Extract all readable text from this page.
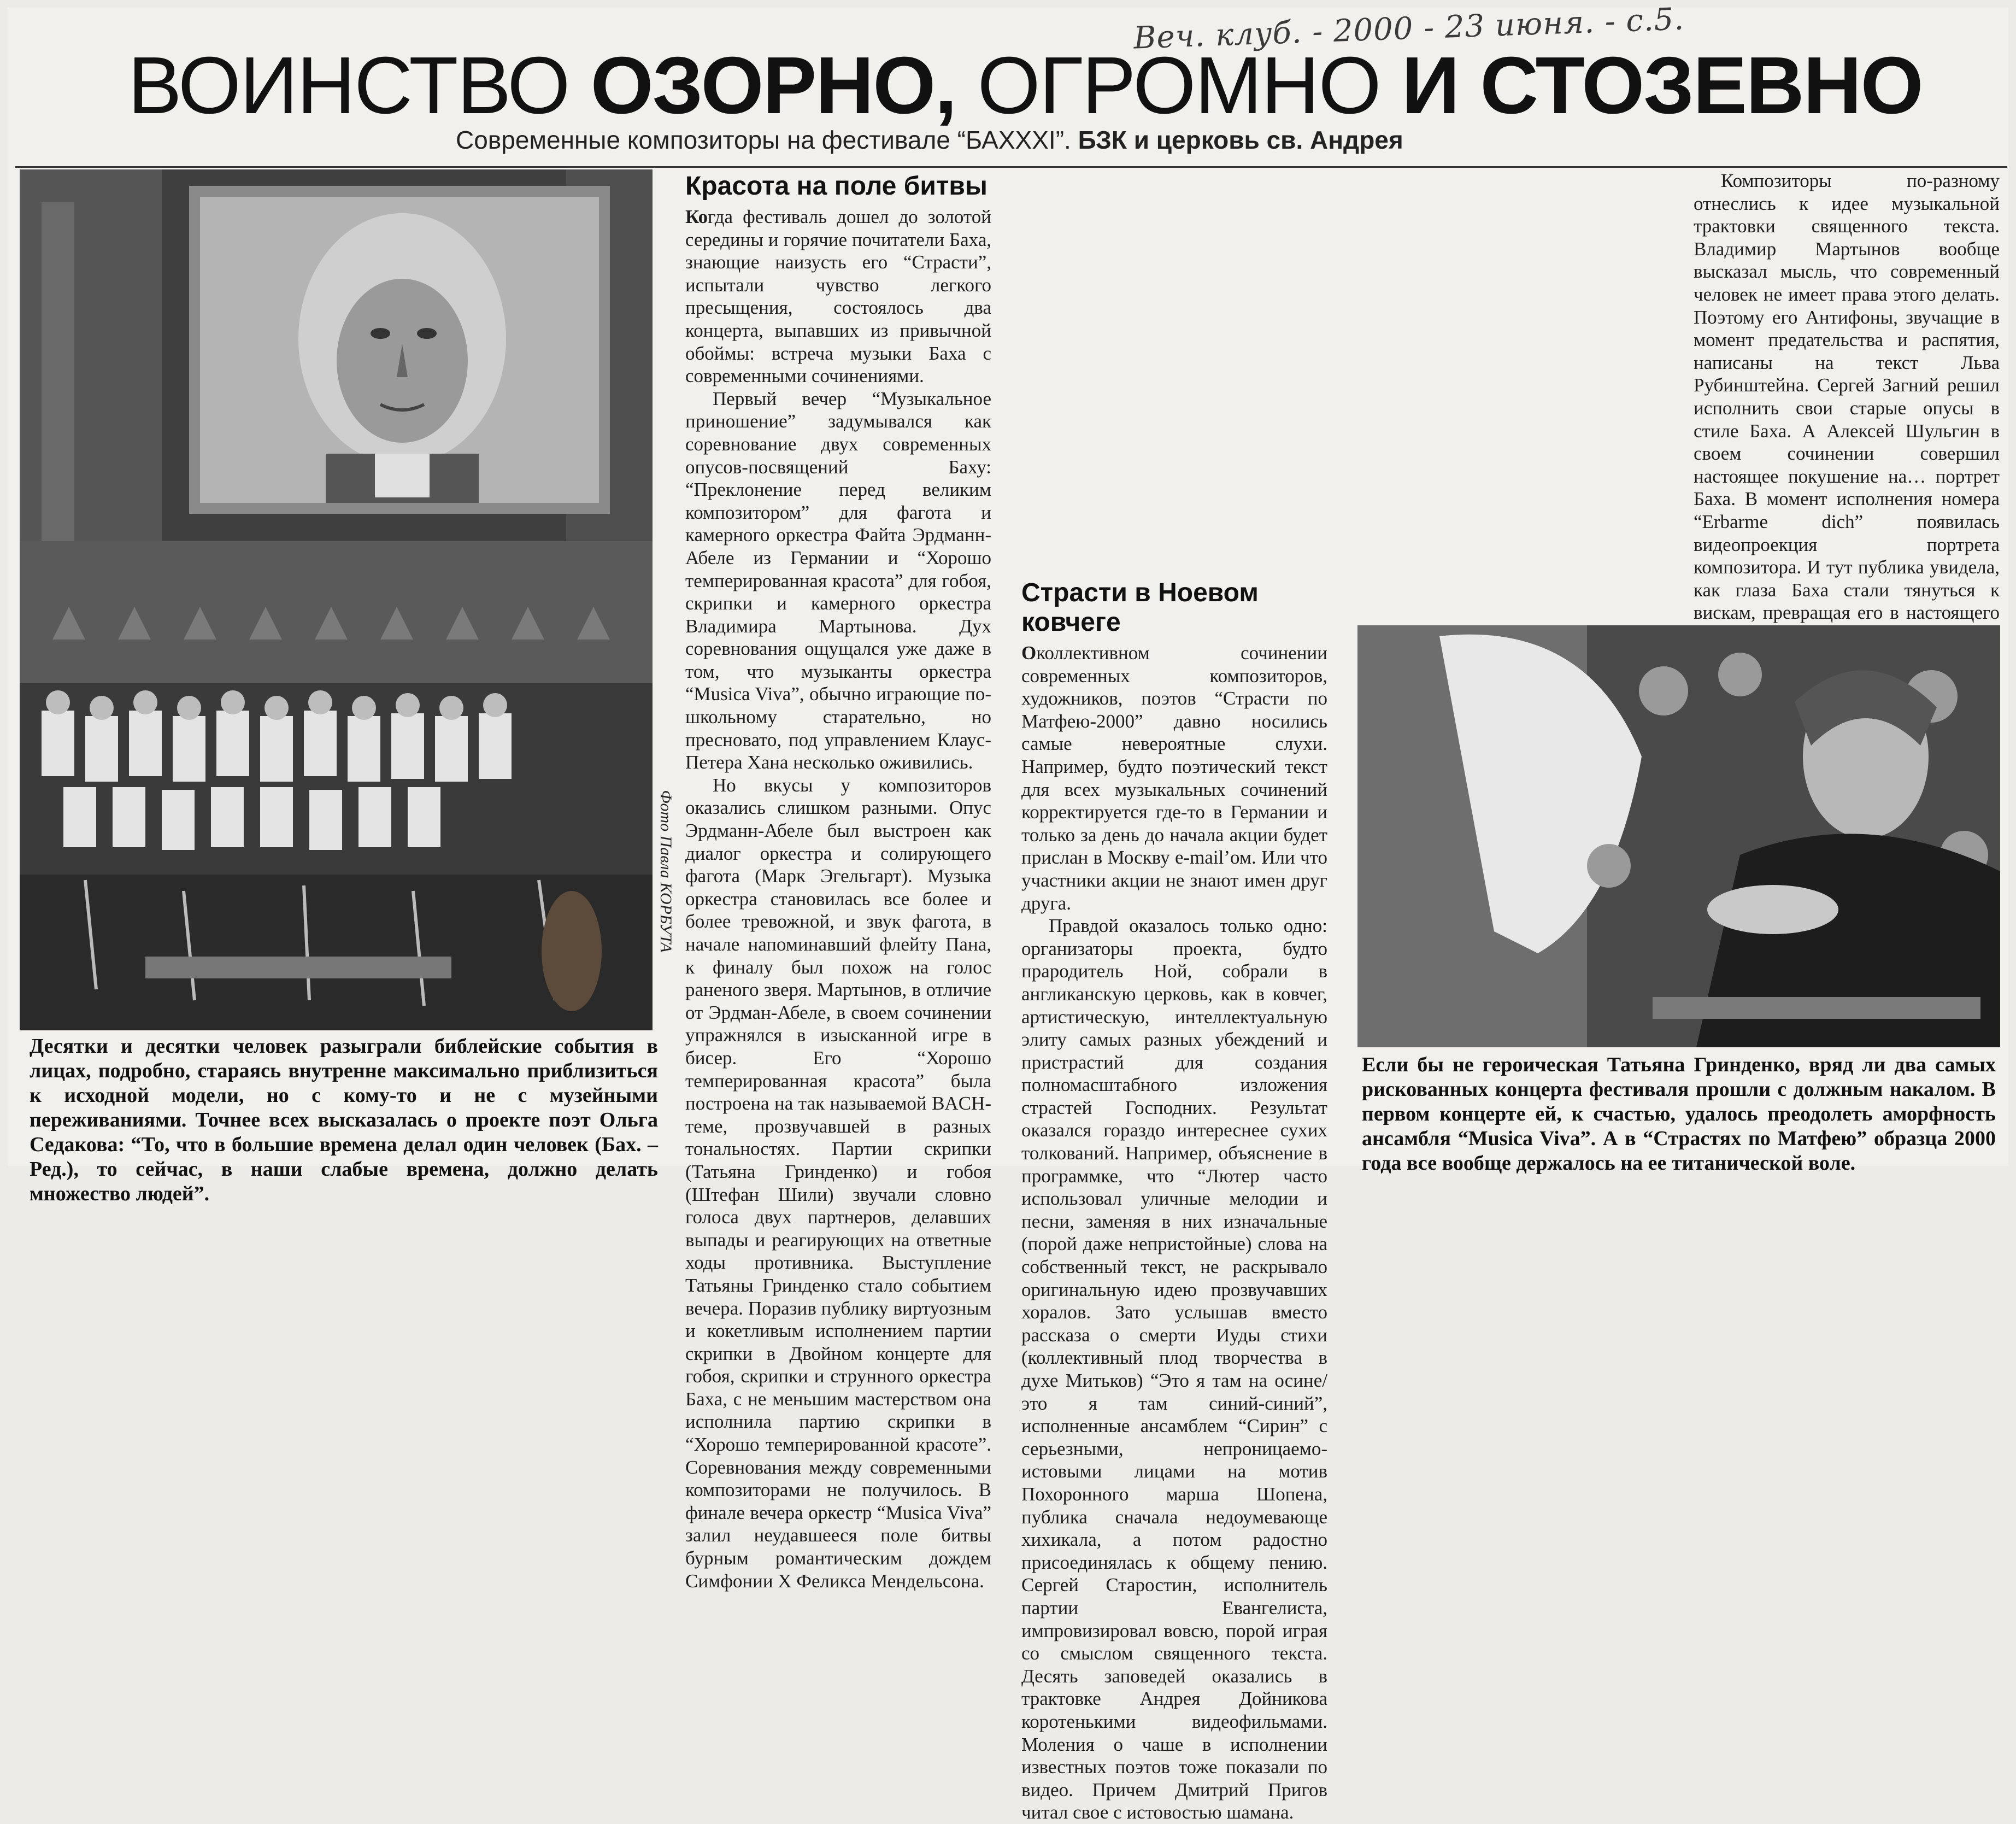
Веч. клуб. - 2000 - 23 июня. - с.5.
ВОИНСТВО ОЗОРНО, ОГРОМНО И СТОЗЕВНО
Современные композиторы на фестивале “БАХXXI”. БЗК и церковь св. Андрея
Фото Павла КОРБУТА
Десятки и десятки человек разыграли библейские события в лицах, подробно, стараясь внутренне максимально приблизиться к исходной модели, но с кому-то и не с музейными переживаниями. Точнее всех высказалась о проекте поэт Ольга Седакова: “То, что в большие времена делал один человек (Бах. – Ред.), то сейчас, в наши слабые времена, должно делать множество людей”.
Красота на поле битвы

Когда фестиваль дошел до золотой середины и горячие почитатели Баха, знающие наизусть его “Страсти”, испытали чувство легкого пресыщения, состоялось два концерта, выпавших из привычной обоймы: встреча музыки Баха с современными сочинениями.

Первый вечер “Музыкальное приношение” задумывался как соревнование двух современных опусов-посвящений Баху: “Преклонение перед великим композитором” для фагота и камерного оркестра Файта Эрдманн-Абеле из Германии и “Хорошо темперированная красота” для гобоя, скрипки и камерного оркестра Владимира Мартынова. Дух соревнования ощущался уже даже в том, что музыканты оркестра “Musica Viva”, обычно играющие по-школьному старательно, но пресновато, под управлением Клаус-Петера Хана несколько оживились.

Но вкусы у композиторов оказались слишком разными. Опус Эрдманн-Абеле был выстроен как диалог оркестра и солирующего фагота (Марк Эгельгарт). Музыка оркестра становилась все более и более тревожной, и звук фагота, в начале напоминавший флейту Пана, к финалу был похож на голос раненого зверя. Мартынов, в отличие от Эрдман-Абеле, в своем сочинении упражнялся в изысканной игре в бисер. Его “Хорошо темперированная красота” была построена на так называемой BACH-теме, прозвучавшей в разных тональностях. Партии скрипки (Татьяна Гринденко) и гобоя (Штефан Шили) звучали словно голоса двух партнеров, делавших выпады и реагирующих на ответные ходы противника. Выступление Татьяны Гринденко стало событием вечера. Поразив публику виртуозным и кокетливым исполнением партии скрипки в Двойном концерте для гобоя, скрипки и струнного оркестра Баха, с не меньшим мастерством она исполнила партию скрипки в “Хорошо темперированной красоте”. Соревнования между современными композиторами не получилось. В финале вечера оркестр “Musica Viva” залил неудавшееся поле битвы бурным романтическим дождем Симфонии X Феликса Мендельсона.

Страсти в Ноевом ковчеге

Околлективном сочинении современных композиторов, художников, поэтов “Страсти по Матфею-2000” давно носились самые невероятные слухи. Например, будто поэтический текст для всех музыкальных сочинений корректируется где-то в Германии и только за день до начала акции будет прислан в Москву e-mail’ом. Или что участники акции не знают имен друг друга.

Правдой оказалось только одно: организаторы проекта, будто прародитель Ной, собрали в англиканскую церковь, как в ковчег, артистическую, интеллектуальную элиту самых разных убеждений и пристрастий для создания полномасштабного изложения страстей Господних. Результат оказался гораздо интереснее сухих толкований. Например, объяснение в программке, что “Лютер часто использовал уличные мелодии и песни, заменяя в них изначальные (порой даже непристойные) слова на собственный текст, не раскрывало оригинальную идею прозвучавших хоралов. Зато услышав вместо рассказа о смерти Иуды стихи (коллективный плод творчества в духе Митьков) “Это я там на осине/ это я там синий-синий”, исполненные ансамблем “Сирин” с серьезными, непроницаемо-истовыми лицами на мотив Похоронного марша Шопена, публика сначала недоумевающе хихикала, а потом радостно присоединялась к общему пению. Сергей Старостин, исполнитель партии Евангелиста, импровизировал вовсю, порой играя со смыслом священного текста. Десять заповедей оказались в трактовке Андрея Дойникова коротенькими видеофильмами. Моления о чаше в исполнении известных поэтов тоже показали по видео. Причем Дмитрий Пригов читал свое с истовостью шамана.

Композиторы по-разному отнеслись к идее музыкальной трактовки священного текста. Владимир Мартынов вообще высказал мысль, что современный человек не имеет права этого делать. Поэтому его Антифоны, звучащие в момент предательства и распятия, написаны на текст Льва Рубинштейна. Сергей Загний решил исполнить свои старые опусы в стиле Баха. А Алексей Шульгин в своем сочинении совершил настоящее покушение на… портрет Баха. В момент исполнения номера “Erbarme dich” появилась видеопроекция портрета композитора. И тут публика увидела, как глаза Баха стали тянуться к вискам, превращая его в настоящего

Если бы не героическая Татьяна Гринденко, вряд ли два самых рискованных концерта фестиваля прошли с должным накалом. В первом концерте ей, к счастью, удалось преодолеть аморфность ансамбля “Musica Viva”. А в “Страстях по Матфею” образца 2000 года все вообще держалось на ее титанической воле.
